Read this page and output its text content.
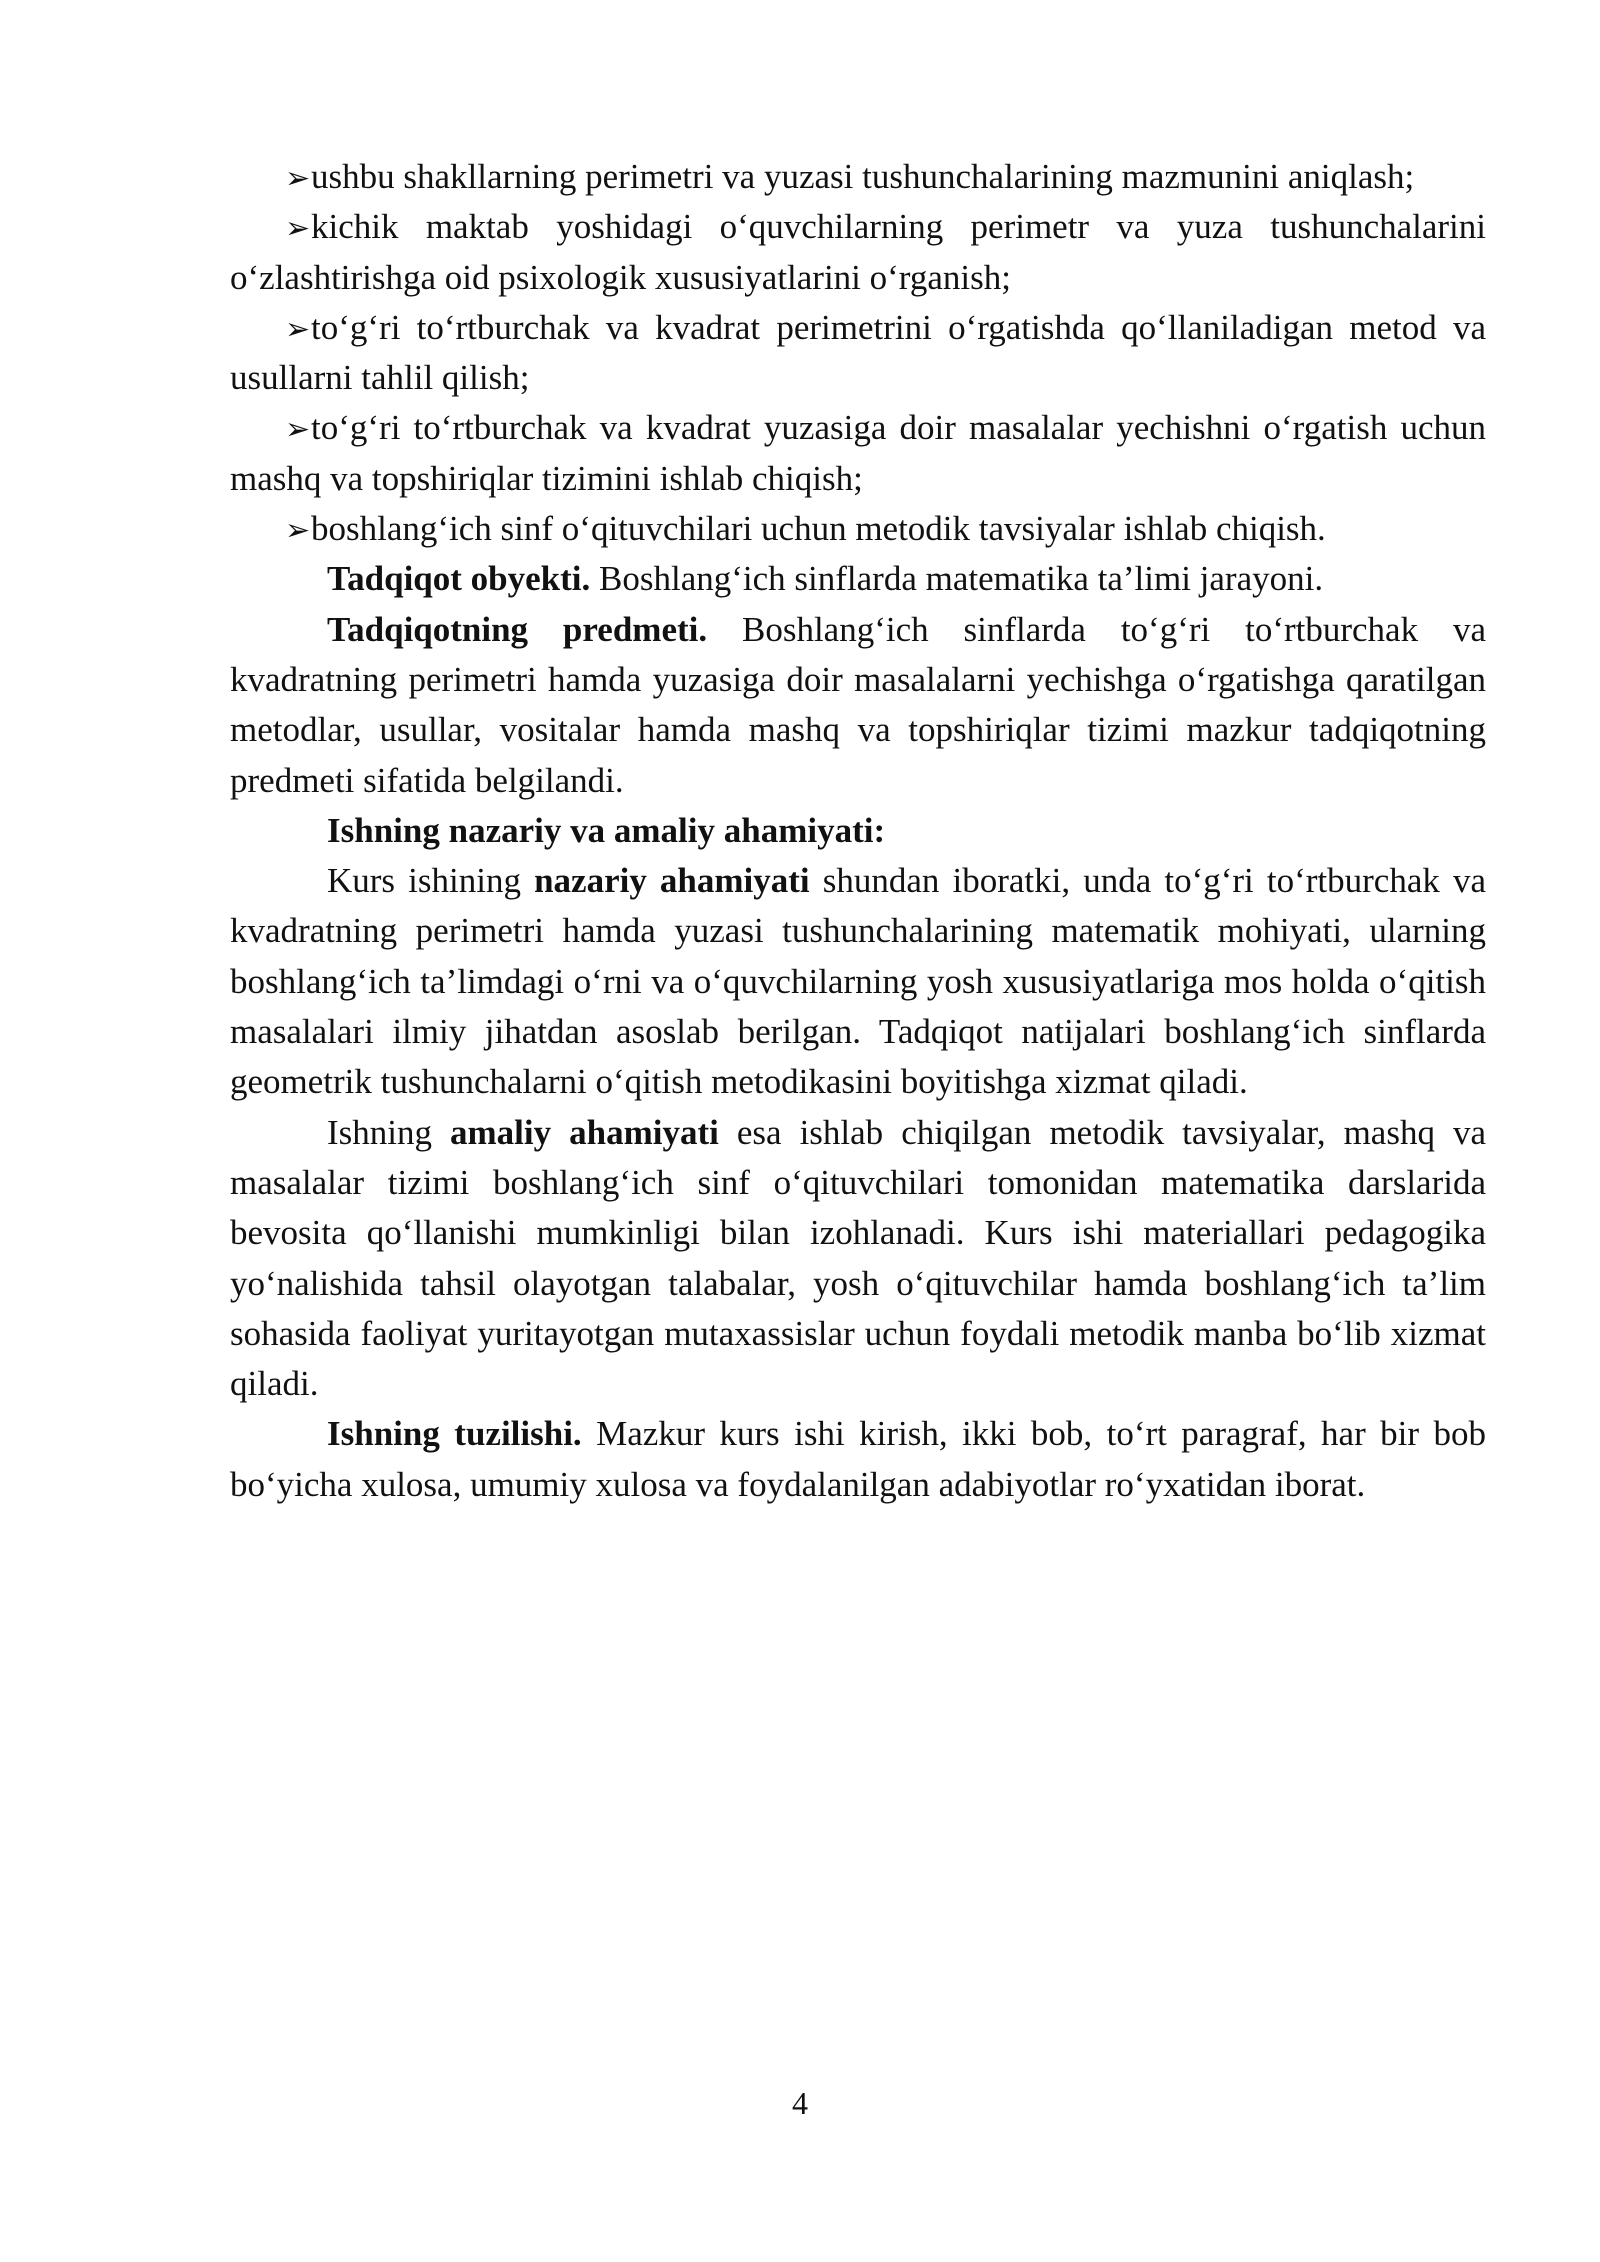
➢ushbu shakllarning perimetri va yuzasi tushunchalarining mazmunini aniqlash;

➢kichik maktab yoshidagi o‘quvchilarning perimetr va yuza tushunchalarini o‘zlashtirishga oid psixologik xususiyatlarini o‘rganish;

➢to‘g‘ri to‘rtburchak va kvadrat perimetrini o‘rgatishda qo‘llaniladigan metod va usullarni tahlil qilish;

➢to‘g‘ri to‘rtburchak va kvadrat yuzasiga doir masalalar yechishni o‘rgatish uchun mashq va topshiriqlar tizimini ishlab chiqish;

➢boshlang‘ich sinf o‘qituvchilari uchun metodik tavsiyalar ishlab chiqish.

Tadqiqot obyekti. Boshlang‘ich sinflarda matematika ta’limi jarayoni.

Tadqiqotning predmeti. Boshlang‘ich sinflarda to‘g‘ri to‘rtburchak va kvadratning perimetri hamda yuzasiga doir masalalarni yechishga o‘rgatishga qaratilgan metodlar, usullar, vositalar hamda mashq va topshiriqlar tizimi mazkur tadqiqotning predmeti sifatida belgilandi.

Ishning nazariy va amaliy ahamiyati:

Kurs ishining nazariy ahamiyati shundan iboratki, unda to‘g‘ri to‘rtburchak va kvadratning perimetri hamda yuzasi tushunchalarining matematik mohiyati, ularning boshlang‘ich ta’limdagi o‘rni va o‘quvchilarning yosh xususiyatlariga mos holda o‘qitish masalalari ilmiy jihatdan asoslab berilgan. Tadqiqot natijalari boshlang‘ich sinflarda geometrik tushunchalarni o‘qitish metodikasini boyitishga xizmat qiladi.

Ishning amaliy ahamiyati esa ishlab chiqilgan metodik tavsiyalar, mashq va masalalar tizimi boshlang‘ich sinf o‘qituvchilari tomonidan matematika darslarida bevosita qo‘llanishi mumkinligi bilan izohlanadi. Kurs ishi materiallari pedagogika yo‘nalishida tahsil olayotgan talabalar, yosh o‘qituvchilar hamda boshlang‘ich ta’lim sohasida faoliyat yuritayotgan mutaxassislar uchun foydali metodik manba bo‘lib xizmat qiladi.

Ishning tuzilishi. Mazkur kurs ishi kirish, ikki bob, to‘rt paragraf, har bir bob bo‘yicha xulosa, umumiy xulosa va foydalanilgan adabiyotlar ro‘yxatidan iborat.

4
